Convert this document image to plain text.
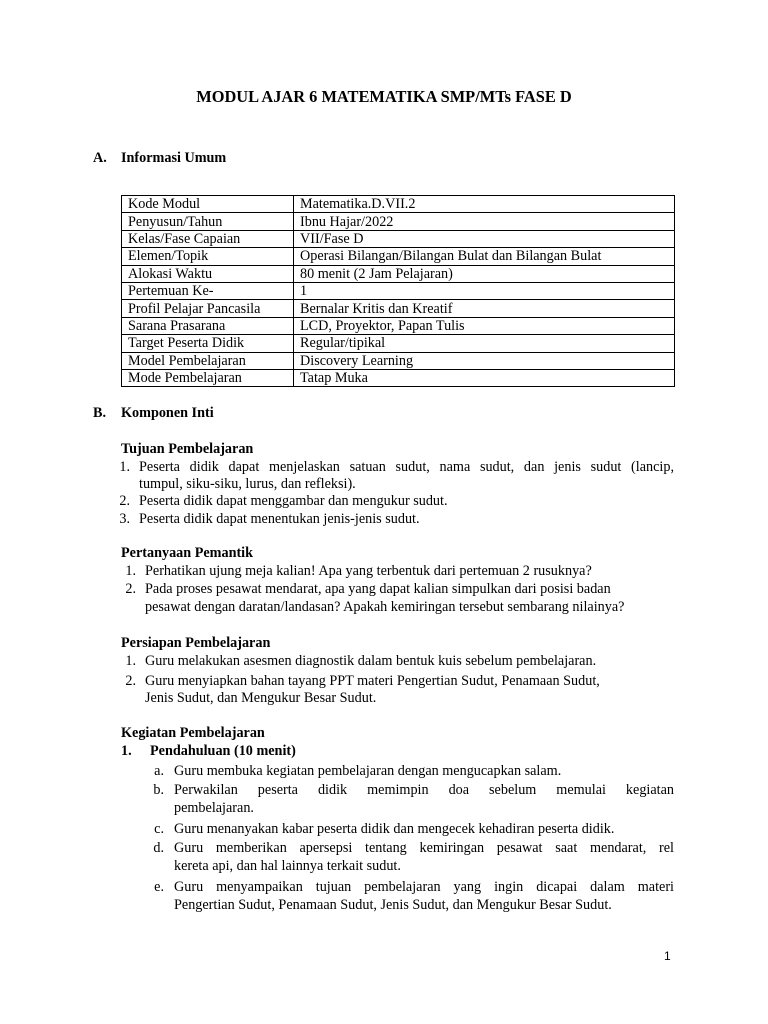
MODUL AJAR 6 MATEMATIKA SMP/MTs FASE D
A. Informasi Umum
Kode Modul	Matematika.D.VII.2
Penyusun/Tahun	Ibnu Hajar/2022
Kelas/Fase Capaian	VII/Fase D
Elemen/Topik	Operasi Bilangan/Bilangan Bulat dan Bilangan Bulat
Alokasi Waktu	80 menit (2 Jam Pelajaran)
Pertemuan Ke-	1
Profil Pelajar Pancasila	Bernalar Kritis dan Kreatif
Sarana Prasarana	LCD, Proyektor, Papan Tulis
Target Peserta Didik	Regular/tipikal
Model Pembelajaran	Discovery Learning
Mode Pembelajaran	Tatap Muka
B. Komponen Inti
Tujuan Pembelajaran
1. Peserta didik dapat menjelaskan satuan sudut, nama sudut, dan jenis sudut (lancip,
tumpul, siku-siku, lurus, dan refleksi).
2. Peserta didik dapat menggambar dan mengukur sudut.
3. Peserta didik dapat menentukan jenis-jenis sudut.
Pertanyaan Pemantik
1. Perhatikan ujung meja kalian! Apa yang terbentuk dari pertemuan 2 rusuknya?
2. Pada proses pesawat mendarat, apa yang dapat kalian simpulkan dari posisi badan
pesawat dengan daratan/landasan? Apakah kemiringan tersebut sembarang nilainya?
Persiapan Pembelajaran
1. Guru melakukan asesmen diagnostik dalam bentuk kuis sebelum pembelajaran.
2. Guru menyiapkan bahan tayang PPT materi Pengertian Sudut, Penamaan Sudut,
Jenis Sudut, dan Mengukur Besar Sudut.
Kegiatan Pembelajaran
1. Pendahuluan (10 menit)
a. Guru membuka kegiatan pembelajaran dengan mengucapkan salam.
b. Perwakilan peserta didik memimpin doa sebelum memulai kegiatan
pembelajaran.
c. Guru menanyakan kabar peserta didik dan mengecek kehadiran peserta didik.
d. Guru memberikan apersepsi tentang kemiringan pesawat saat mendarat, rel
kereta api, dan hal lainnya terkait sudut.
e. Guru menyampaikan tujuan pembelajaran yang ingin dicapai dalam materi
Pengertian Sudut, Penamaan Sudut, Jenis Sudut, dan Mengukur Besar Sudut.
1
